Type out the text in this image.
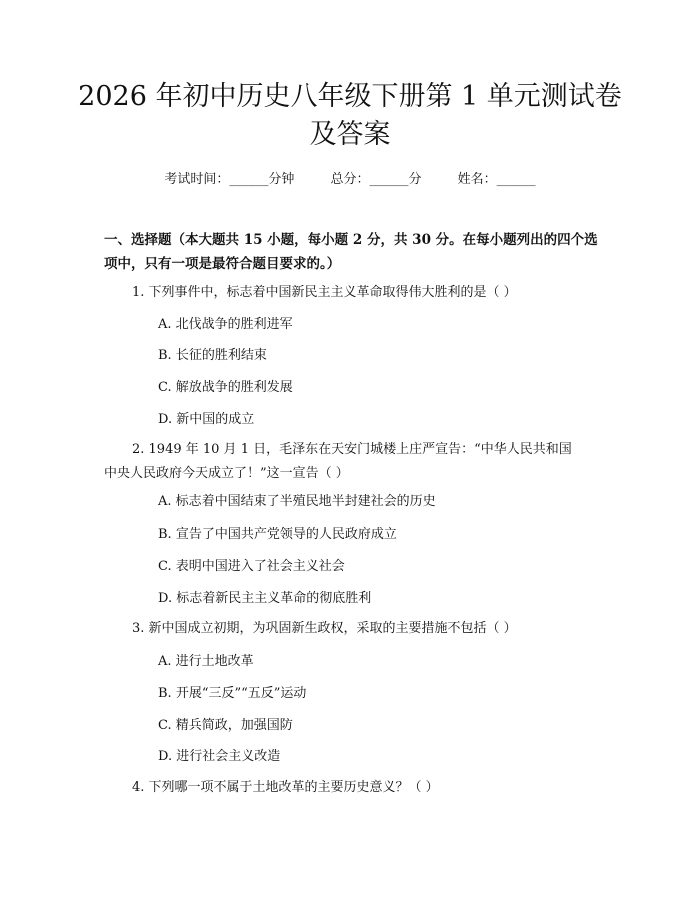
2026 年初中历史八年级下册第 1 单元测试卷
及答案
考试时间：______分钟	总分：______分	姓名：______
一、选择题（本大题共 15 小题，每小题 2 分，共 30 分。在每小题列出的四个选
项中，只有一项是最符合题目要求的。）
1. 下列事件中，标志着中国新民主主义革命取得伟大胜利的是（ ）
A. 北伐战争的胜利进军
B. 长征的胜利结束
C. 解放战争的胜利发展
D. 新中国的成立
2. 1949 年 10 月 1 日，毛泽东在天安门城楼上庄严宣告：“中华人民共和国
中央人民政府今天成立了！”这一宣告（ ）
A. 标志着中国结束了半殖民地半封建社会的历史
B. 宣告了中国共产党领导的人民政府成立
C. 表明中国进入了社会主义社会
D. 标志着新民主主义革命的彻底胜利
3. 新中国成立初期，为巩固新生政权，采取的主要措施不包括（ ）
A. 进行土地改革
B. 开展“三反”“五反”运动
C. 精兵简政，加强国防
D. 进行社会主义改造
4. 下列哪一项不属于土地改革的主要历史意义？（ ）
